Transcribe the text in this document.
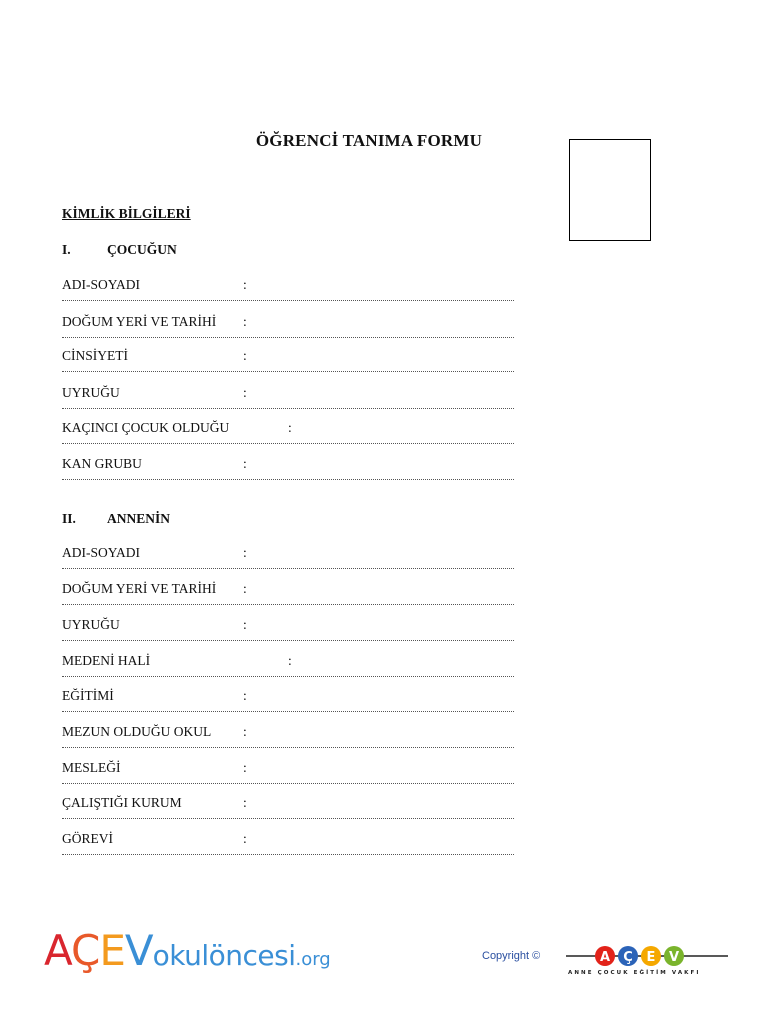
ÖĞRENCİ TANIMA FORMU
KİMLİK BİLGİLERİ
I.	ÇOCUĞUN
ADI-SOYADI	:
DOĞUM YERİ VE TARİHİ :
CİNSİYETİ	:
UYRUĞU	:
KAÇINCI ÇOCUK OLDUĞU	:
KAN GRUBU	:
II. ANNENİN
ADI-SOYADI	:
DOĞUM YERİ VE TARİHİ :
UYRUĞU	:
MEDENİ HALİ	:
EĞİTİMİ	:
MEZUN OLDUĞU OKUL :
MESLEĞİ	:
ÇALIŞTIĞI KURUM	:
GÖREVİ	:
AÇEVokulöncesi.org	Copyright ©	A Ç E V
ANNE ÇOCUK EĞİTİM VAKFI
